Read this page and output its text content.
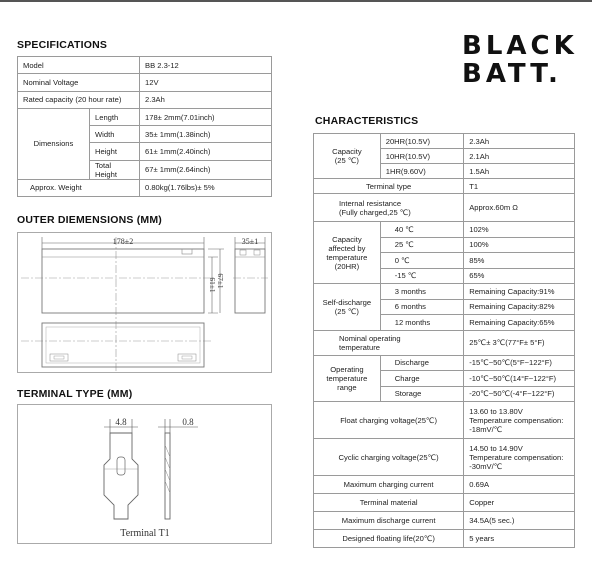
BLACK
BATT.
SPECIFICATIONS
Model		BB 2.3-12
Nominal Voltage		12V
Rated capacity (20 hour rate)		2.3Ah
Dimensions	Length	178± 2mm(7.01inch)
	Width	35± 1mm(1.38inch)
	Height	61± 1mm(2.40inch)
	Total Height	67± 1mm(2.64inch)
Approx. Weight		0.80kg(1.76lbs)± 5%
OUTER DIEMENSIONS (MM)
178±2
61±1 67±1
35±1
TERMINAL TYPE (MM)
4.8	0.8
Terminal T1
CHARACTERISTICS
Capacity
(25 ℃)	20HR(10.5V)	2.3Ah
	10HR(10.5V)	2.1Ah
	1HR(9.60V)	1.5Ah
Terminal type		T1
Internal resistance
(Fully charged,25 ℃)		Approx.60m Ω
Capacity
affected by
temperature
(20HR)	40 ℃	102%
	25 ℃	100%
	0 ℃	85%
	-15 ℃	65%
Self-discharge
(25 ℃)	3 months	Remaining Capacity:91%
	6 months	Remaining Capacity:82%
	12 months	Remaining Capacity:65%
Nominal operating
temperature		25℃± 3℃(77°F± 5°F)
Operating
temperature
range	Discharge	-15℃~50℃(5°F~122°F)
	Charge	-10℃~50℃(14°F~122°F)
	Storage	-20℃~50℃(-4°F~122°F)
Float charging voltage(25℃)		13.60 to 13.80V
Temperature compensation:
-18mV/℃
Cyclic charging voltage(25℃)		14.50 to 14.90V
Temperature compensation:
-30mV/℃
Maximum charging current		0.69A
Terminal material		Copper
Maximum discharge current		34.5A(5 sec.)
Designed floating life(20℃)		5 years
